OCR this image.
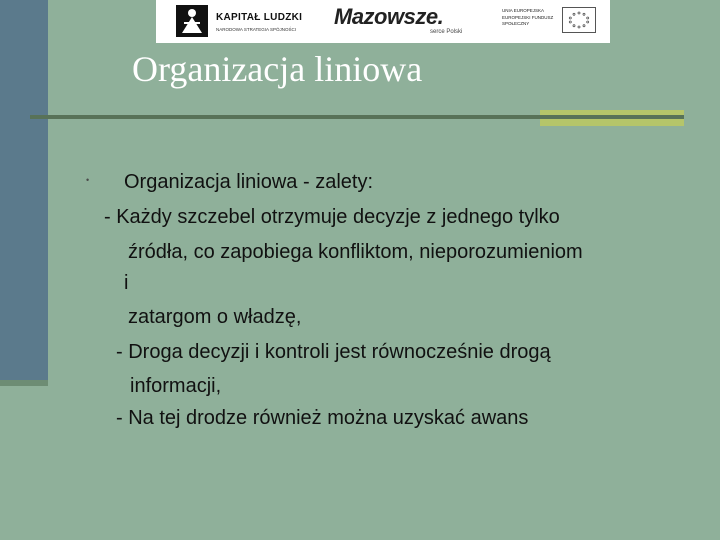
KAPITAŁ LUDZKI
NARODOWA STRATEGIA SPÓJNOŚCI
Mazowsze.
serce Polski
UNIA EUROPEJSKA EUROPEJSKI FUNDUSZ SPOŁECZNY
Organizacja liniowa
• Organizacja liniowa - zalety:

- Każdy szczebel otrzymuje decyzje z jednego tylko

źródła, co zapobiega konfliktom, nieporozumieniom

i

zatargom o władzę,

- Droga decyzji i kontroli jest równocześnie drogą

informacji,

- Na tej drodze również można uzyskać awans
